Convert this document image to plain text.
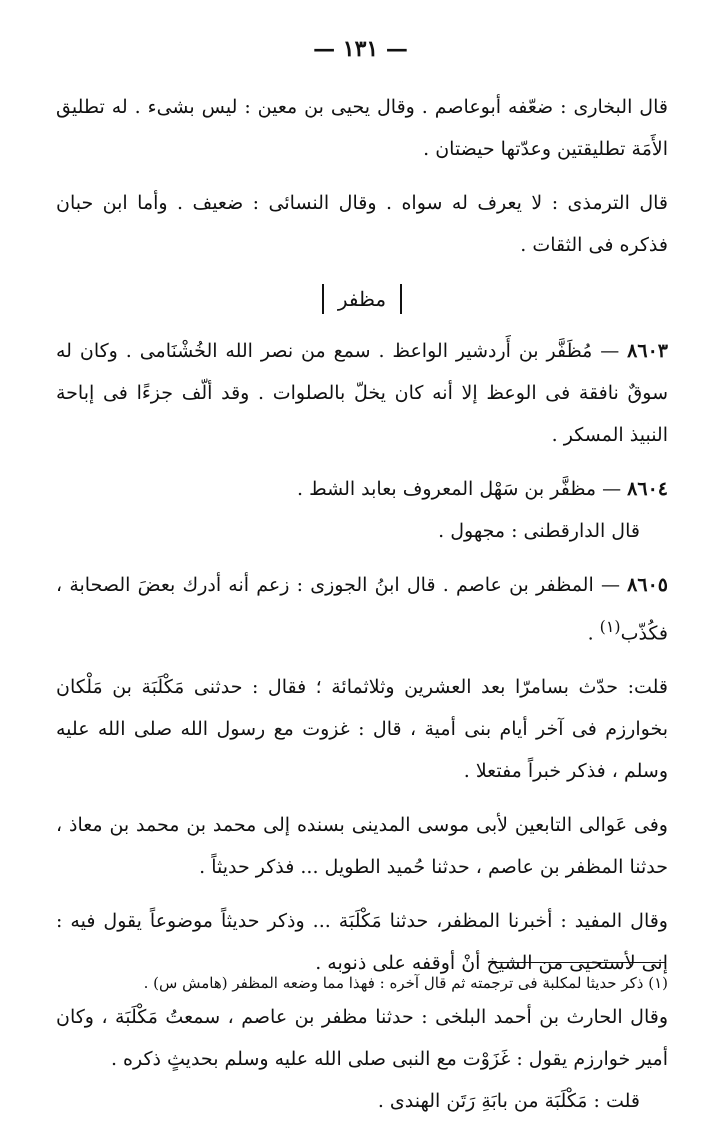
— ١٣١ —

قال البخارى : ضعّفه أبوعاصم . وقال يحيى بن معين : ليس بشىء . له تطليق الأَمَة تطليقتين وعدّتها حيضتان .

قال الترمذى : لا يعرف له سواه . وقال النسائى : ضعيف . وأما ابن حبان فذكره فى الثقات .

مظفر

٨٦٠٣ — مُظَفَّر بن أَردشير الواعظ . سمع من نصر الله الخُشْنَامى . وكان له سوقٌ نافقة فى الوعظ إلا أنه كان يخلّ بالصلوات . وقد ألّف جزءًا فى إباحة النبيذ المسكر .

٨٦٠٤ — مظفَّر بن سَهْل المعروف بعابد الشط .

قال الدارقطنى : مجهول .

٨٦٠٥ — المظفر بن عاصم . قال ابنُ الجوزى : زعم أنه أدرك بعضَ الصحابة ، فكُذّب$^{(١)}$ .

قلت: حدّث بسامرّا بعد العشرين وثلاثمائة ؛ فقال : حدثنى مَكْلَبَة بن مَلْكان بخوارزم فى آخر أيام بنى أمية ، قال : غزوت مع رسول الله صلى الله عليه وسلم ، فذكر خبراً مفتعلا .

وفى عَوالى التابعين لأبى موسى المدينى بسنده إلى محمد بن محمد بن معاذ ، حدثنا المظفر بن عاصم ، حدثنا حُميد الطويل ... فذكر حديثاً .

وقال المفيد : أخبرنا المظفر، حدثنا مَكْلَبَة ... وذكر حديثاً موضوعاً يقول فيه : إنى لأستحيى من الشيخ أنْ أوقفه على ذنوبه .

وقال الحارث بن أحمد البلخى : حدثنا مظفر بن عاصم ، سمعتُ مَكْلَبَة ، وكان أمير خوارزم يقول : غَزَوْت مع النبى صلى الله عليه وسلم بحديثٍ ذكره .

قلت : مَكْلَبَة من بابَةِ رَتَن الهندى .

(١) ذكر حديثا لمكلبة فى ترجمته ثم قال آخره : فهذا مما وضعه المظفر (هامش س) .
